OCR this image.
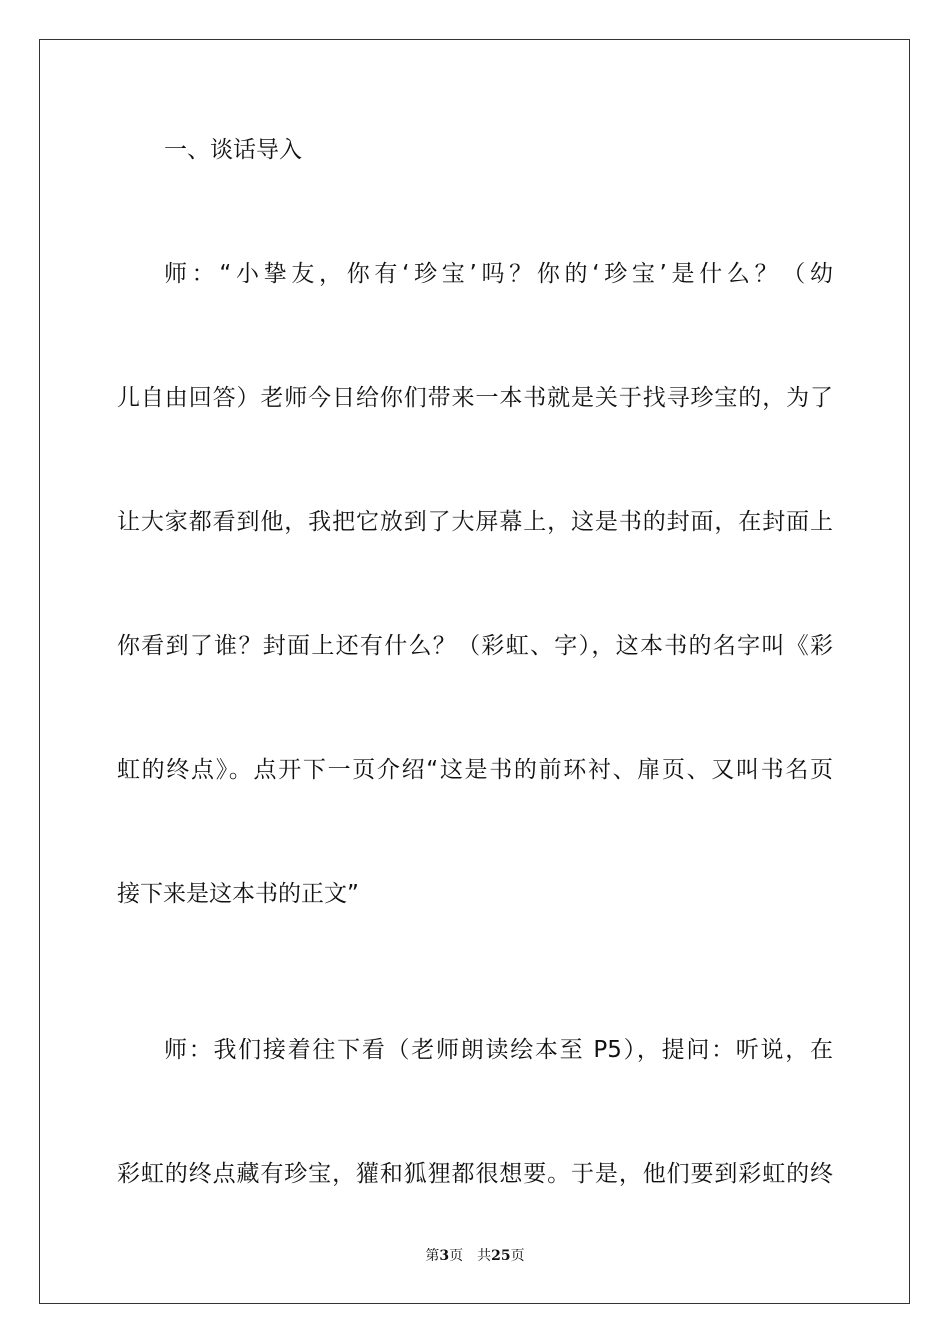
一、谈话导入
师：“小挚友，你有‘珍宝’吗？你的‘珍宝’是什么？（幼
儿自由回答）老师今日给你们带来一本书就是关于找寻珍宝的，为了
让大家都看到他，我把它放到了大屏幕上，这是书的封面，在封面上
你看到了谁？封面上还有什么？（彩虹、字），这本书的名字叫《彩
虹的终点》。点开下一页介绍“这是书的前环衬、扉页、又叫书名页
接下来是这本书的正文”
师：我们接着往下看（老师朗读绘本至 P5），提问：听说，在
彩虹的终点藏有珍宝，獾和狐狸都很想要。于是，他们要到彩虹的终
第3页 共25页
